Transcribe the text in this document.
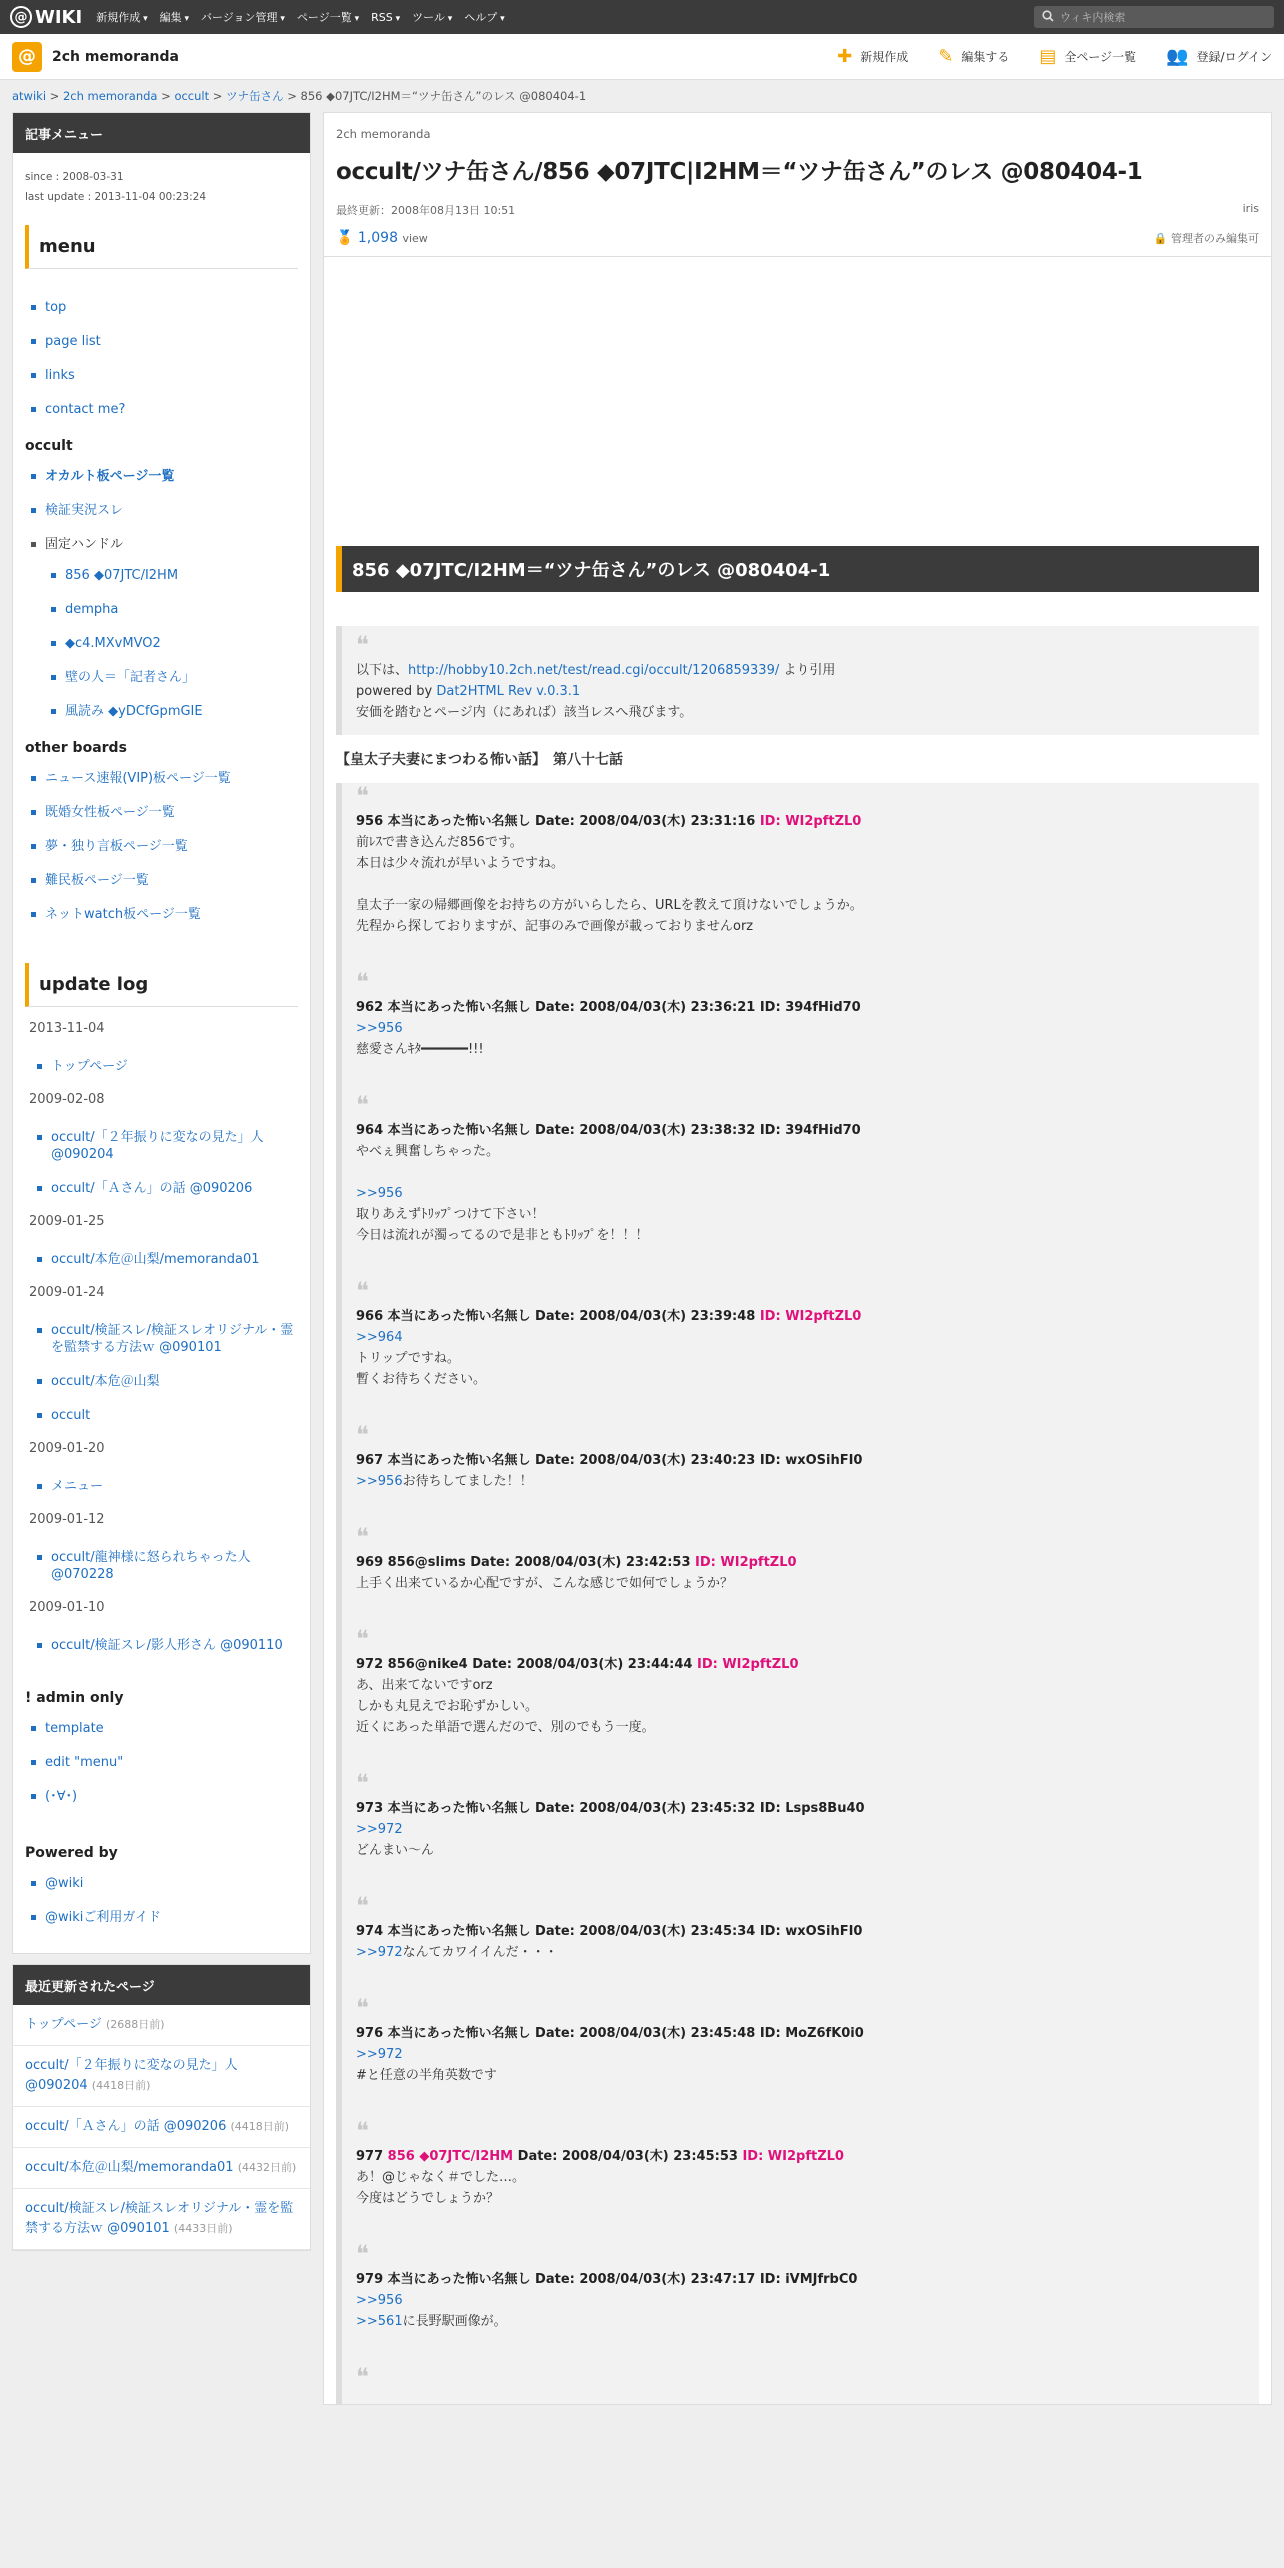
@ WIKI 新規作成 ▾	編集 ▾	バージョン管理 ▾	ページ一覧 ▾	RSS ▾	ツール ▾	ヘルプ ▾	ウィキ内検索
@	2ch memoranda	✚ 新規作成 ✎ 編集する ▤ 全ページ一覧 👥 登録/ログイン
atwiki > 2ch memoranda > occult > ツナ缶さん > 856 ◆07JTC/I2HM＝“ツナ缶さん”のレス @080404-1
記事メニュー
since : 2008-03-31
last update : 2013-11-04 00:23:24
menu
top
page list
links
contact me?
occult
オカルト板ページ一覧
検証実況スレ
固定ハンドル
856 ◆07JTC/I2HM
dempha
◆c4.MXvMVO2
壁の人＝「記者さん」
風読み ◆yDCfGpmGIE
other boards
ニュース速報(VIP)板ページ一覧
既婚女性板ページ一覧
夢・独り言板ページ一覧
難民板ページ一覧
ネットwatch板ページ一覧
update log
2013-11-04
トップページ
2009-02-08
occult/「２年振りに変なの見た」人 @090204
occult/「Ａさん」の話 @090206
2009-01-25
occult/本危＠山梨/memoranda01
2009-01-24
occult/検証スレ/検証スレオリジナル・霊を監禁する方法ｗ @090101
occult/本危＠山梨
occult
2009-01-20
メニュー
2009-01-12
occult/龍神様に怒られちゃった人 @070228
2009-01-10
occult/検証スレ/影人形さん @090110
! admin only
template
edit "menu"
(･∀･)
Powered by
@wiki
@wikiご利用ガイド
最近更新されたページ
トップページ (2688日前)
occult/「２年振りに変なの見た」人 @090204 (4418日前)
occult/「Ａさん」の話 @090206 (4418日前)
occult/本危＠山梨/memoranda01 (4432日前)
occult/検証スレ/検証スレオリジナル・霊を監禁する方法ｗ @090101 (4433日前)
2ch memoranda
occult/ツナ缶さん/856 ◆07JTC|I2HM＝“ツナ缶さん”のレス @080404-1
最終更新：2008年08月13日 10:51	iris
🏅 1,098 view	🔒 管理者のみ編集可
856 ◆07JTC/I2HM＝“ツナ缶さん”のレス @080404-1
❝
以下は、http://hobby10.2ch.net/test/read.cgi/occult/1206859339/ より引用
powered by Dat2HTML Rev v.0.3.1
安価を踏むとページ内（にあれば）該当レスへ飛びます。
【皇太子夫妻にまつわる怖い話】　第八十七話
❝
956 本当にあった怖い名無し Date: 2008/04/03(木) 23:31:16 ID: WI2pftZL0
前ﾚｽで書き込んだ856です。
本日は少々流れが早いようですね。
皇太子一家の帰郷画像をお持ちの方がいらしたら、URLを教えて頂けないでしょうか。
先程から探しておりますが、記事のみで画像が載っておりませんorz
❝
962 本当にあった怖い名無し Date: 2008/04/03(木) 23:36:21 ID: 394fHid70
>>956
慈愛さんｷﾀ━━━━━━!!!
❝
964 本当にあった怖い名無し Date: 2008/04/03(木) 23:38:32 ID: 394fHid70
やべぇ興奮しちゃった。
>>956
取りあえずﾄﾘｯﾌﾟつけて下さい！
今日は流れが濁ってるので是非ともﾄﾘｯﾌﾟを！！！
❝
966 本当にあった怖い名無し Date: 2008/04/03(木) 23:39:48 ID: WI2pftZL0
>>964
トリップですね。
暫くお待ちください。
❝
967 本当にあった怖い名無し Date: 2008/04/03(木) 23:40:23 ID: wxOSihFI0
>>956お待ちしてました！！
❝
969 856@slims Date: 2008/04/03(木) 23:42:53 ID: WI2pftZL0
上手く出来ているか心配ですが、こんな感じで如何でしょうか？
❝
972 856@nike4 Date: 2008/04/03(木) 23:44:44 ID: WI2pftZL0
あ、出来てないですorz
しかも丸見えでお恥ずかしい。
近くにあった単語で選んだので、別のでもう一度。
❝
973 本当にあった怖い名無し Date: 2008/04/03(木) 23:45:32 ID: Lsps8Bu40
>>972
どんまい～ん
❝
974 本当にあった怖い名無し Date: 2008/04/03(木) 23:45:34 ID: wxOSihFI0
>>972なんてカワイイんだ・・・
❝
976 本当にあった怖い名無し Date: 2008/04/03(木) 23:45:48 ID: MoZ6fK0i0
>>972
#と任意の半角英数です
❝
977 856 ◆07JTC/I2HM Date: 2008/04/03(木) 23:45:53 ID: WI2pftZL0
あ！@じゃなく＃でした…。
今度はどうでしょうか？
❝
979 本当にあった怖い名無し Date: 2008/04/03(木) 23:47:17 ID: iVMJfrbC0
>>956
>>561に長野駅画像が。
❝
